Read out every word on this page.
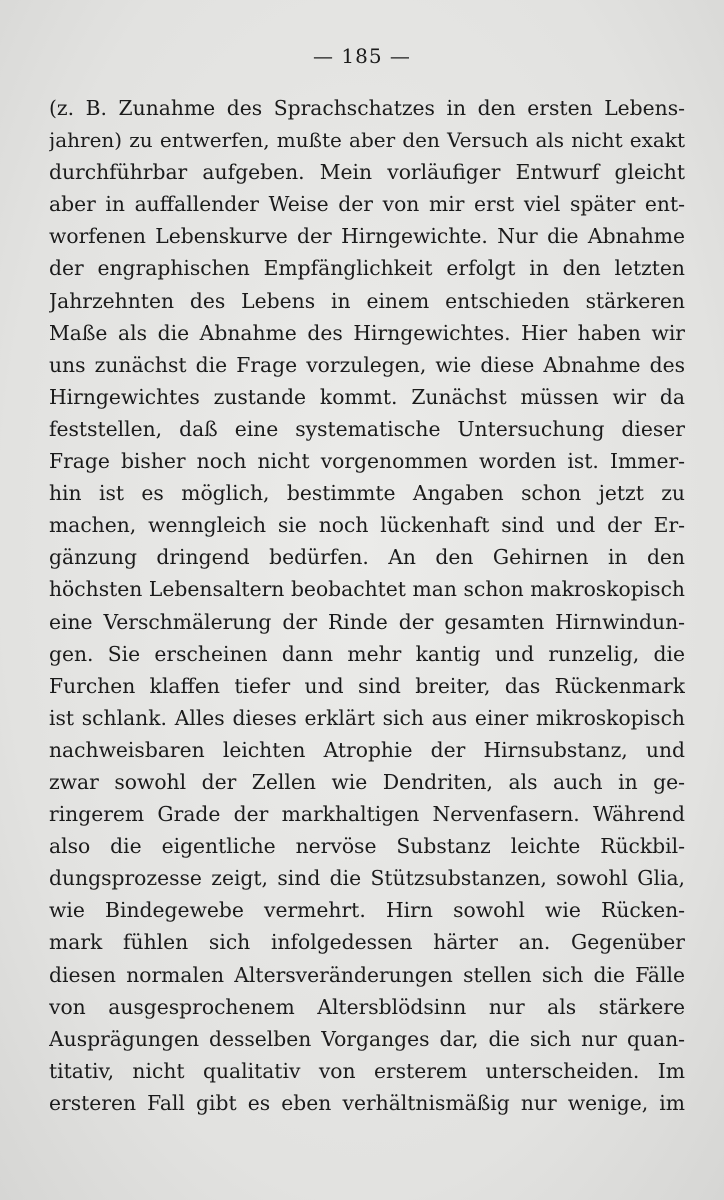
— 185 —
(z. B. Zunahme des Sprachschatzes in den ersten Lebens-
jahren) zu entwerfen, mußte aber den Versuch als nicht exakt
durchführbar aufgeben. Mein vorläufiger Entwurf gleicht
aber in auffallender Weise der von mir erst viel später ent-
worfenen Lebenskurve der Hirngewichte. Nur die Abnahme
der engraphischen Empfänglichkeit erfolgt in den letzten
Jahrzehnten des Lebens in einem entschieden stärkeren
Maße als die Abnahme des Hirngewichtes. Hier haben wir
uns zunächst die Frage vorzulegen, wie diese Abnahme des
Hirngewichtes zustande kommt. Zunächst müssen wir da
feststellen, daß eine systematische Untersuchung dieser
Frage bisher noch nicht vorgenommen worden ist. Immer-
hin ist es möglich, bestimmte Angaben schon jetzt zu
machen, wenngleich sie noch lückenhaft sind und der Er-
gänzung dringend bedürfen. An den Gehirnen in den
höchsten Lebensaltern beobachtet man schon makroskopisch
eine Verschmälerung der Rinde der gesamten Hirnwindun-
gen. Sie erscheinen dann mehr kantig und runzelig, die
Furchen klaffen tiefer und sind breiter, das Rückenmark
ist schlank. Alles dieses erklärt sich aus einer mikroskopisch
nachweisbaren leichten Atrophie der Hirnsubstanz, und
zwar sowohl der Zellen wie Dendriten, als auch in ge-
ringerem Grade der markhaltigen Nervenfasern. Während
also die eigentliche nervöse Substanz leichte Rückbil-
dungsprozesse zeigt, sind die Stützsubstanzen, sowohl Glia,
wie Bindegewebe vermehrt. Hirn sowohl wie Rücken-
mark fühlen sich infolgedessen härter an. Gegenüber
diesen normalen Altersveränderungen stellen sich die Fälle
von ausgesprochenem Altersblödsinn nur als stärkere
Ausprägungen desselben Vorganges dar, die sich nur quan-
titativ, nicht qualitativ von ersterem unterscheiden. Im
ersteren Fall gibt es eben verhältnismäßig nur wenige, im
